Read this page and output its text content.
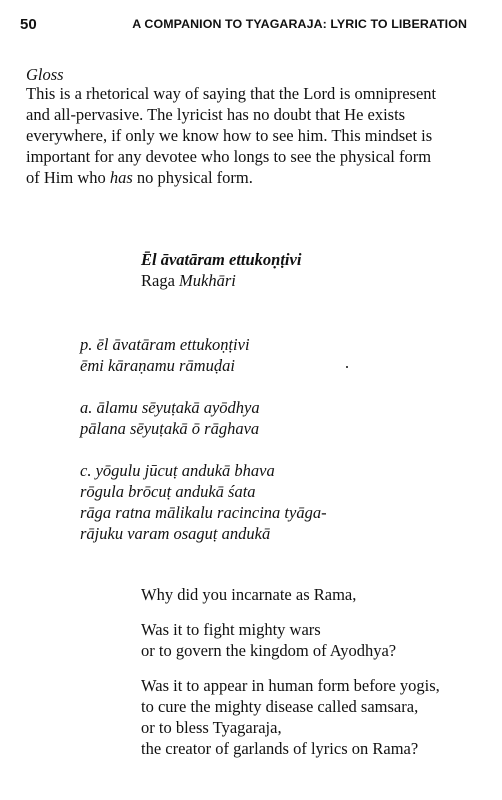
50	A COMPANION TO TYAGARAJA: LYRIC TO LIBERATION
Gloss
This is a rhetorical way of saying that the Lord is omnipresent
and all-pervasive. The lyricist has no doubt that He exists
everywhere, if only we know how to see him. This mindset is
important for any devotee who longs to see the physical form
of Him who has no physical form.
Ēl āvatāram ettukoṇṭivi
Raga Mukhāri
p. ēl āvatāram ettukoṇṭivi
ēmi kāraṇamu rāmuḍai
a. ālamu sēyuṭakā ayōdhya
pālana sēyuṭakā ō rāghava
c. yōgulu jūcuṭ andukā bhava
rōgula brōcuṭ andukā śata
rāga ratna mālikalu racincina tyāga-
rājuku varam osaguṭ andukā
Why did you incarnate as Rama,
Was it to fight mighty wars
or to govern the kingdom of Ayodhya?
Was it to appear in human form before yogis,
to cure the mighty disease called samsara,
or to bless Tyagaraja,
the creator of garlands of lyrics on Rama?
